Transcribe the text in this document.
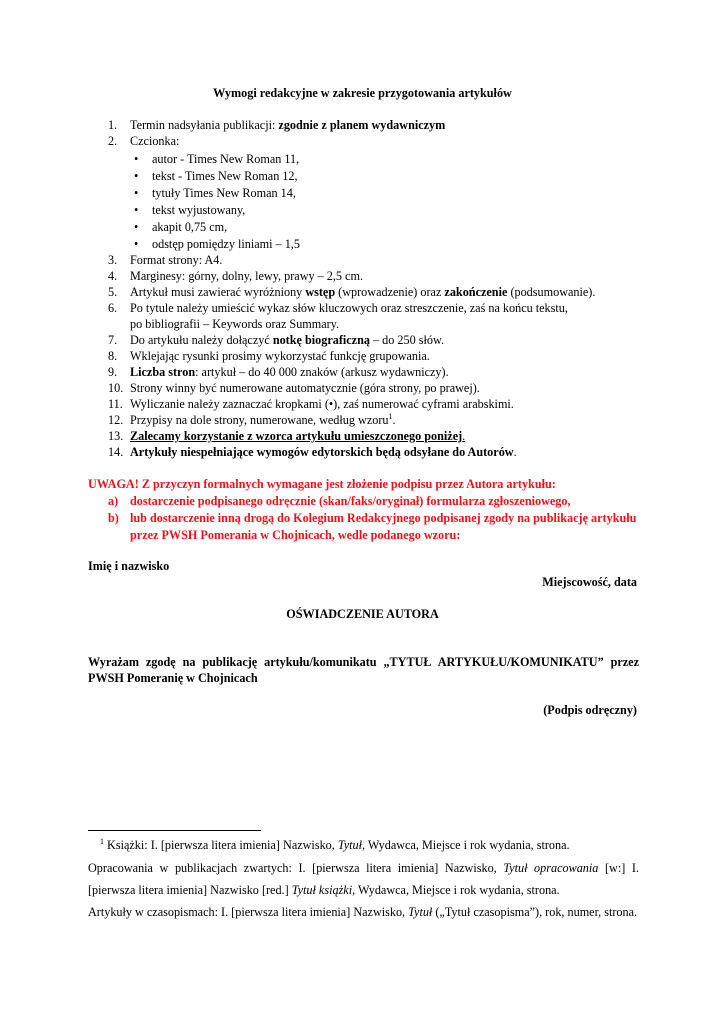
Wymogi redakcyjne w zakresie przygotowania artykułów
1.	Termin nadsyłania publikacji: zgodnie z planem wydawniczym
2.	Czcionka:
• autor - Times New Roman 11,
• tekst - Times New Roman 12,
• tytuły Times New Roman 14,
• tekst wyjustowany,
• akapit 0,75 cm,
• odstęp pomiędzy liniami – 1,5
3.	Format strony: A4.
4.	Marginesy: górny, dolny, lewy, prawy – 2,5 cm.
5.	Artykuł musi zawierać wyróżniony wstęp (wprowadzenie) oraz zakończenie (podsumowanie).
6.	Po tytule należy umieścić wykaz słów kluczowych oraz streszczenie, zaś na końcu tekstu,
po bibliografii – Keywords oraz Summary.
7.	Do artykułu należy dołączyć notkę biograficzną – do 250 słów.
8.	Wklejając rysunki prosimy wykorzystać funkcję grupowania.
9.	Liczba stron: artykuł – do 40 000 znaków (arkusz wydawniczy).
10. Strony winny być numerowane automatycznie (góra strony, po prawej).
11. Wyliczanie należy zaznaczać kropkami (•), zaś numerować cyframi arabskimi.
12. Przypisy na dole strony, numerowane, według wzoru$^1$.
13. Zalecamy korzystanie z wzorca artykułu umieszczonego poniżej.
14. Artykuły niespełniające wymogów edytorskich będą odsyłane do Autorów.
UWAGA! Z przyczyn formalnych wymagane jest złożenie podpisu przez Autora artykułu:
a) dostarczenie podpisanego odręcznie (skan/faks/oryginał) formularza zgłoszeniowego,
b) lub dostarczenie inną drogą do Kolegium Redakcyjnego podpisanej zgody na publikację artykułu
przez PWSH Pomerania w Chojnicach, wedle podanego wzoru:
Imię i nazwisko
Miejscowość, data
OŚWIADCZENIE AUTORA
Wyrażam zgodę na publikację artykułu/komunikatu „TYTUŁ ARTYKUŁU/KOMUNIKATU” przez
PWSH Pomeranię w Chojnicach
(Podpis odręczny)
$^1$ Książki: I. [pierwsza litera imienia] Nazwisko, Tytuł, Wydawca, Miejsce i rok wydania, strona.
Opracowania w publikacjach zwartych: I. [pierwsza litera imienia] Nazwisko, Tytuł opracowania [w:] I.
[pierwsza litera imienia] Nazwisko [red.] Tytuł książki, Wydawca, Miejsce i rok wydania, strona.
Artykuły w czasopismach: I. [pierwsza litera imienia] Nazwisko, Tytuł („Tytuł czasopisma”), rok, numer, strona.
